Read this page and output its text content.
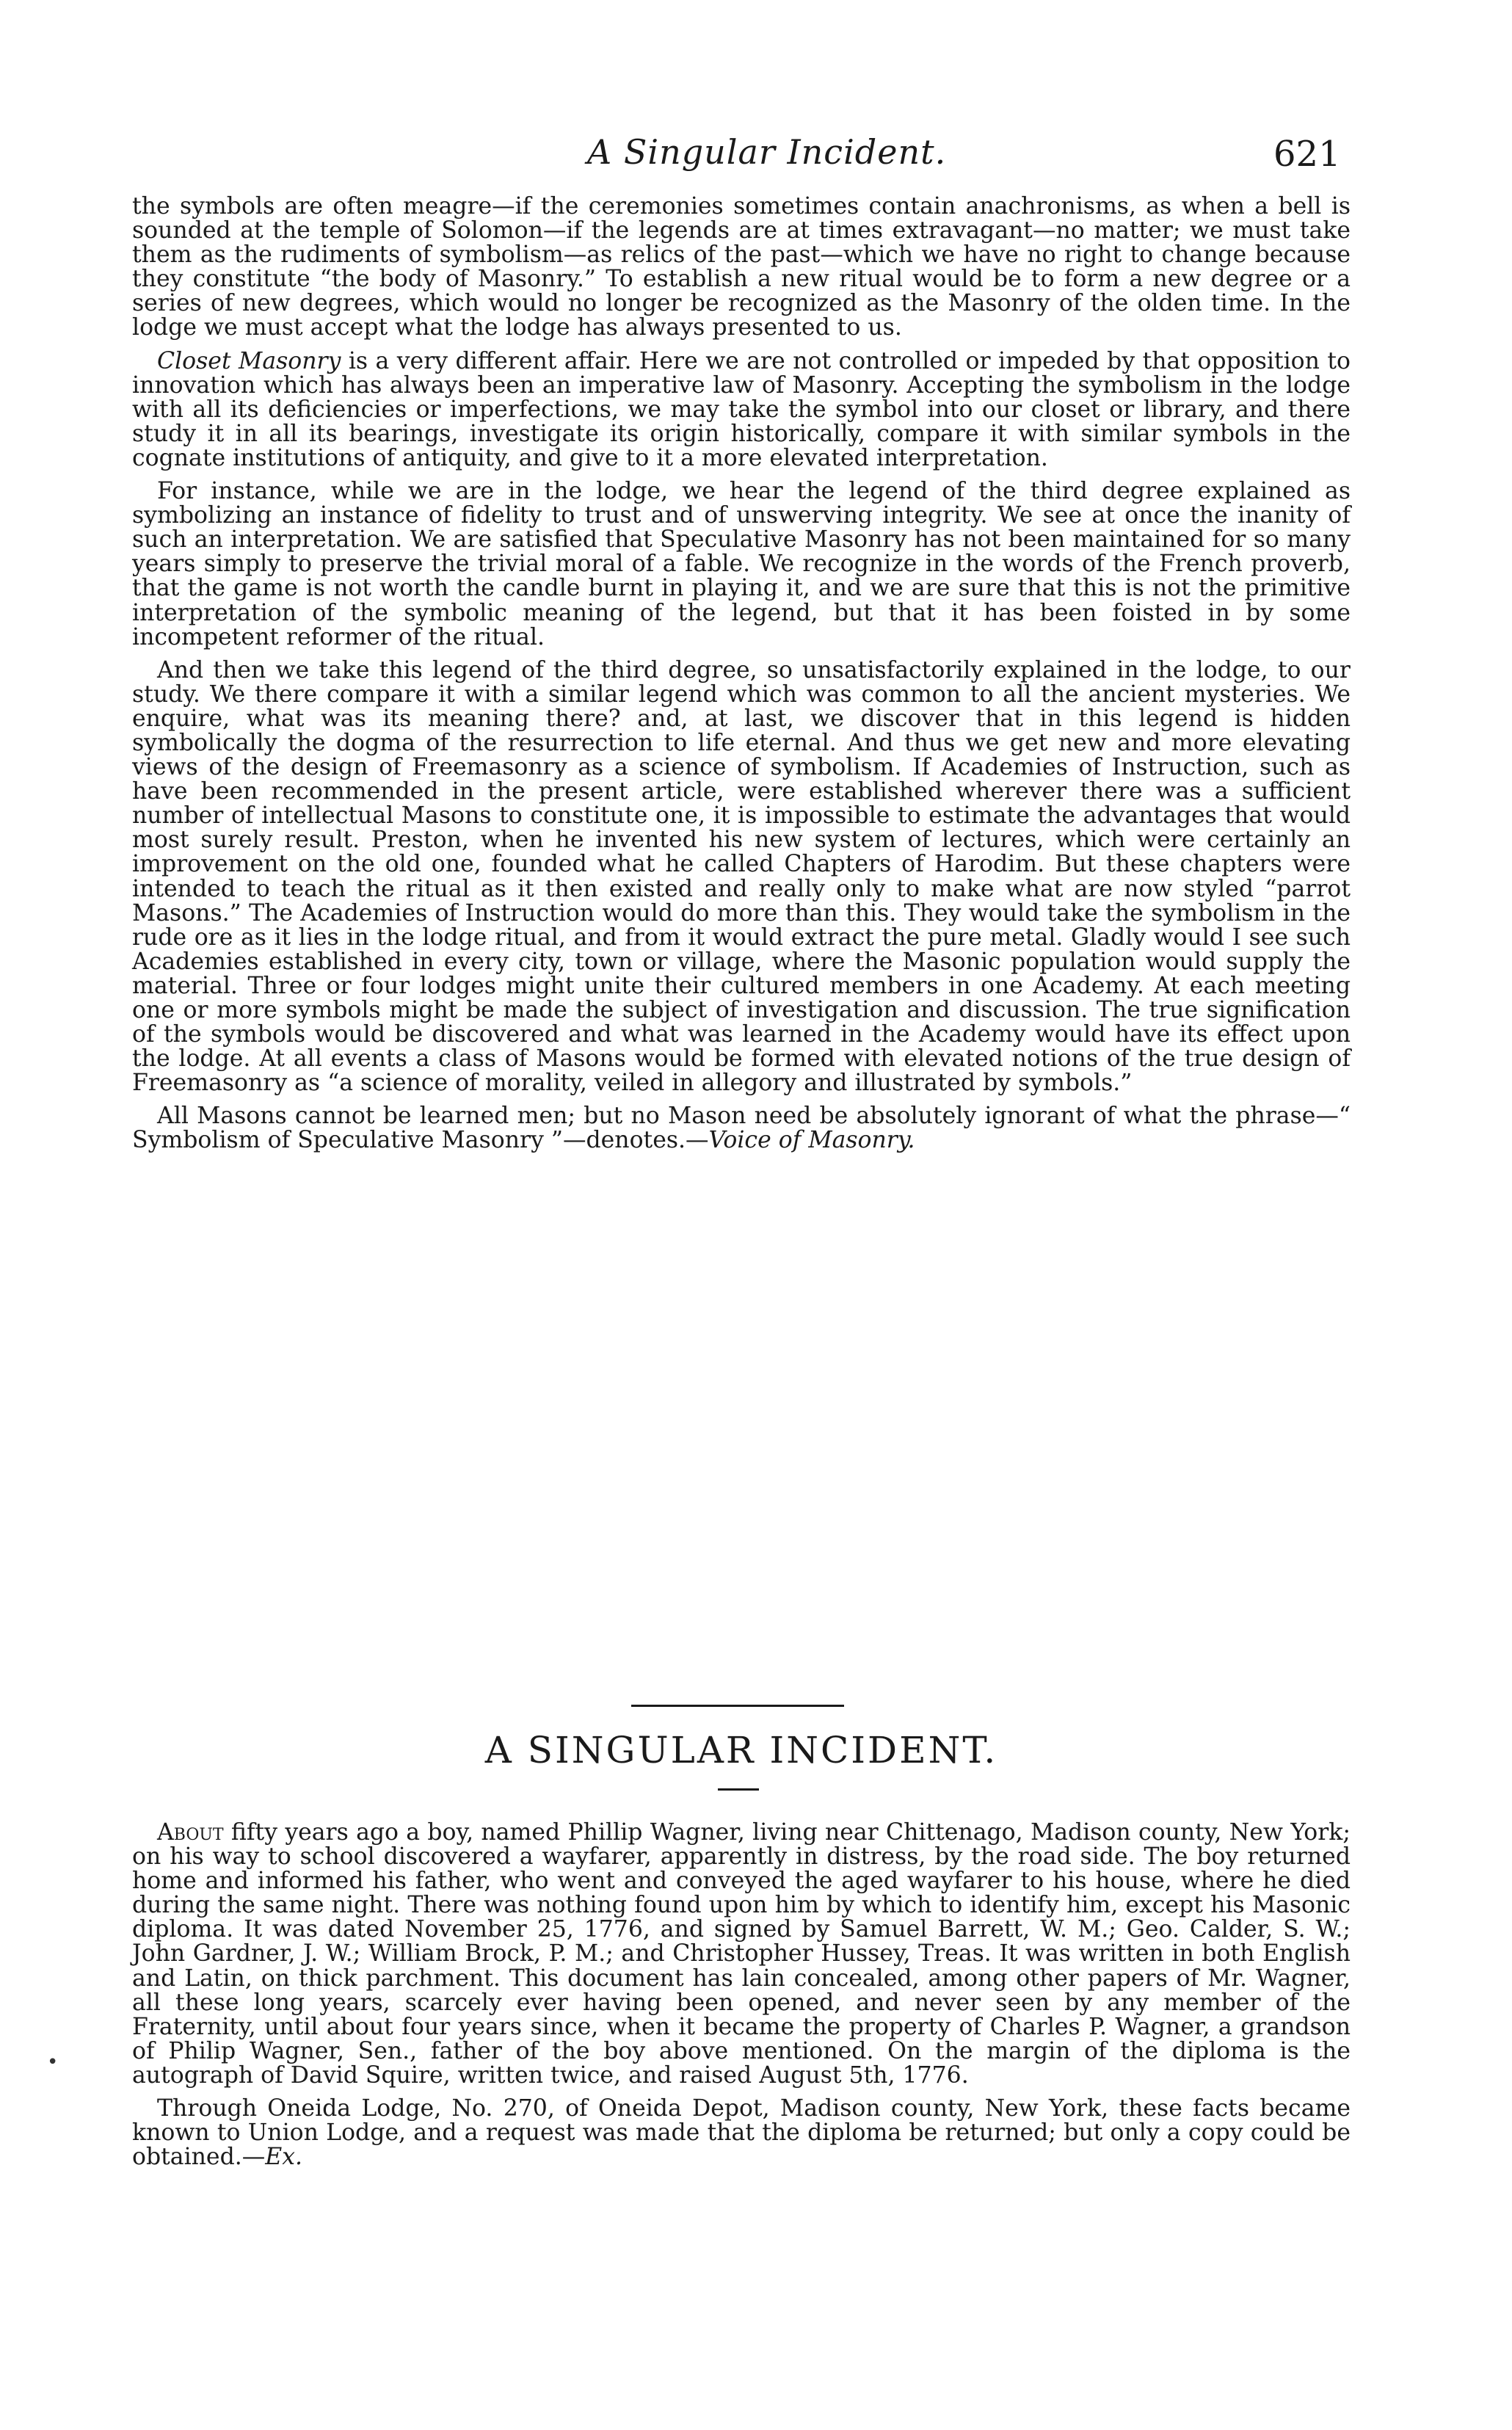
A Singular Incident.	621

the symbols are often meagre—if the ceremonies sometimes contain anachronisms, as when a bell is sounded at the temple of Solomon—if the legends are at times extravagant—no matter; we must take them as the rudiments of symbolism—as relics of the past—which we have no right to change because they constitute “the body of Masonry.” To establish a new ritual would be to form a new degree or a series of new degrees, which would no longer be recognized as the Masonry of the olden time. In the lodge we must accept what the lodge has always presented to us.

Closet Masonry is a very different affair. Here we are not controlled or impeded by that opposition to innovation which has always been an imperative law of Masonry. Accepting the symbolism in the lodge with all its deficiencies or imperfections, we may take the symbol into our closet or library, and there study it in all its bearings, investigate its origin historically, compare it with similar symbols in the cognate institutions of antiquity, and give to it a more elevated interpretation.

For instance, while we are in the lodge, we hear the legend of the third degree explained as symbolizing an instance of fidelity to trust and of unswerving integrity. We see at once the inanity of such an interpretation. We are satisfied that Speculative Masonry has not been maintained for so many years simply to preserve the trivial moral of a fable. We recognize in the words of the French proverb, that the game is not worth the candle burnt in playing it, and we are sure that this is not the primitive interpretation of the symbolic meaning of the legend, but that it has been foisted in by some incompetent reformer of the ritual.

And then we take this legend of the third degree, so unsatisfactorily explained in the lodge, to our study. We there compare it with a similar legend which was common to all the ancient mysteries. We enquire, what was its meaning there? and, at last, we discover that in this legend is hidden symbolically the dogma of the resurrection to life eternal. And thus we get new and more elevating views of the design of Freemasonry as a science of symbolism. If Academies of Instruction, such as have been recommended in the present article, were established wherever there was a sufficient number of intellectual Masons to constitute one, it is impossible to estimate the advantages that would most surely result. Preston, when he invented his new system of lectures, which were certainly an improvement on the old one, founded what he called Chapters of Harodim. But these chapters were intended to teach the ritual as it then existed and really only to make what are now styled “parrot Masons.” The Academies of Instruction would do more than this. They would take the symbolism in the rude ore as it lies in the lodge ritual, and from it would extract the pure metal. Gladly would I see such Academies established in every city, town or village, where the Masonic population would supply the material. Three or four lodges might unite their cultured members in one Academy. At each meeting one or more symbols might be made the subject of investigation and discussion. The true signification of the symbols would be discovered and what was learned in the Academy would have its effect upon the lodge. At all events a class of Masons would be formed with elevated notions of the true design of Freemasonry as “a science of morality, veiled in allegory and illustrated by symbols.”

All Masons cannot be learned men; but no Mason need be absolutely ignorant of what the phrase—“ Symbolism of Speculative Masonry ”—denotes.—Voice of Masonry.

A SINGULAR INCIDENT.

About fifty years ago a boy, named Phillip Wagner, living near Chittenago, Madison county, New York; on his way to school discovered a wayfarer, apparently in distress, by the road side. The boy returned home and informed his father, who went and conveyed the aged wayfarer to his house, where he died during the same night. There was nothing found upon him by which to identify him, except his Masonic diploma. It was dated November 25, 1776, and signed by Samuel Barrett, W. M.; Geo. Calder, S. W.; John Gardner, J. W.; William Brock, P. M.; and Christopher Hussey, Treas. It was written in both English and Latin, on thick parchment. This document has lain concealed, among other papers of Mr. Wagner, all these long years, scarcely ever having been opened, and never seen by any member of the Fraternity, until about four years since, when it became the property of Charles P. Wagner, a grandson of Philip Wagner, Sen., father of the boy above mentioned. On the margin of the diploma is the autograph of David Squire, written twice, and raised August 5th, 1776.

Through Oneida Lodge, No. 270, of Oneida Depot, Madison county, New York, these facts became known to Union Lodge, and a request was made that the diploma be returned; but only a copy could be obtained.—Ex.

•
